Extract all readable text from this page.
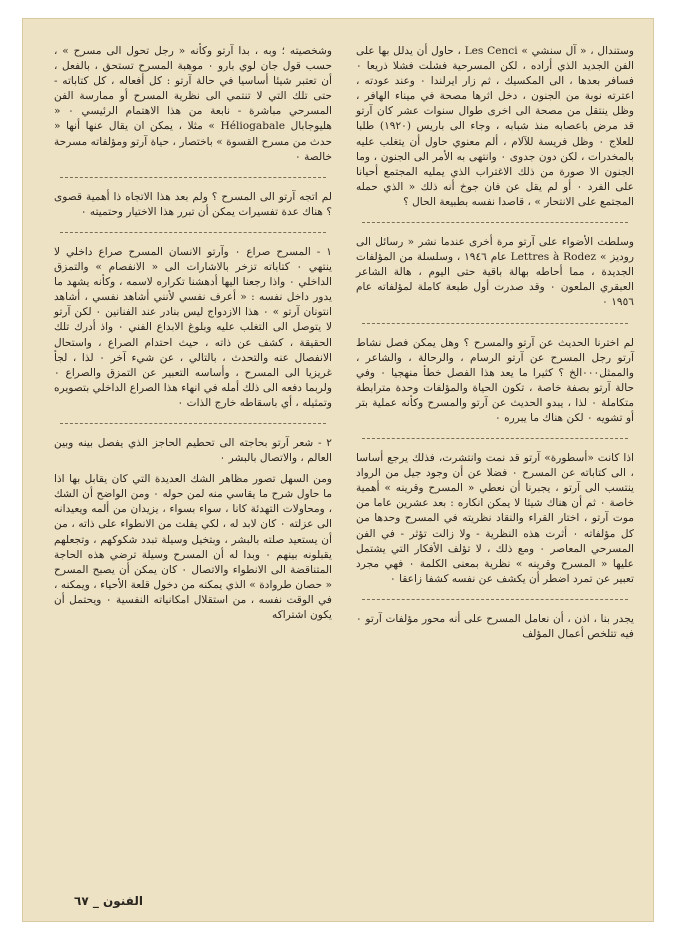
وستندال ، « آل سنشي » Les Cenci ، حاول أن يدلل بها على الفن الجديد الذي أراده ، لكن المسرحية فشلت فشلا ذريعا ٠ فسافر بعدها ، الى المكسيك ، ثم زار ايرلندا ٠ وعند عودته ، اعترته نوبة من الجنون ، دخل اثرها مصحة في ميناء الهافر ، وظل ينتقل من مصحة الى اخرى طوال سنوات عشر كان آرتو قد مرض باعصابه منذ شبابه ، وجاء الى باريس (١٩٢٠) طلبا للعلاج ٠ وظل فريسة للآلام ، ألم معنوي حاول أن يتغلب عليه بالمخدرات ، لكن دون جدوى ٠ وانتهى به الأمر الى الجنون ، وما الجنون الا صورة من ذلك الاغتراب الذي يمليه المجتمع أحيانا على الفرد ٠ أو لم يقل عن فان جوخ أنه ذلك « الذي حمله المجتمع على الانتحار » ، قاصدا نفسه بطبيعة الحال ؟

وسلطت الأضواء على آرتو مرة أخرى عندما نشر « رسائل الى روديز » Lettres à Rodez عام ١٩٤٦ ، وسلسلة من المؤلفات الجديدة ، مما أحاطه بهالة باقية حتى اليوم ، هالة الشاعر العبقري الملعون ٠ وقد صدرت أول طبعة كاملة لمؤلفاته عام ١٩٥٦ ٠

لم اخترنا الحديث عن آرتو والمسرح ؟ وهل يمكن فصل نشاط آرتو رجل المسرح عن آرتو الرسام ، والرحالة ، والشاعر ، والممثل٠٠٠الخ ؟ كثيرا ما يعد هذا الفصل خطأ منهجيا ٠ وفي حالة آرتو بصفة خاصة ، تكون الحياة والمؤلفات وحدة مترابطة متكاملة ٠ لذا ، يبدو الحديث عن آرتو والمسرح وكأنه عملية بتر أو تشويه ٠ لكن هناك ما يبرره ٠

اذا كانت «أسطورة» آرتو قد نمت وانتشرت، فذلك يرجع أساسا ، الى كتاباته عن المسرح ٠ فضلا عن أن وجود جيل من الرواد ينتسب الى آرتو ، يجبرنا أن نعطي « المسرح وقرينه » أهمية خاصة ٠ ثم أن هناك شيئا لا يمكن انكاره : بعد عشرين عاما من موت آرتو ، اختار القراء والنقاد نظريته في المسرح وحدها من كل مؤلفاته ٠ أثرت هذه النظرية - ولا زالت تؤثر - في الفن المسرحي المعاصر ٠ ومع ذلك ، لا تؤلف الأفكار التي يشتمل عليها « المسرح وقرينه » نظرية بمعنى الكلمة ٠ فهي مجرد تعبير عن تمرد اضطر أن يكشف عن نفسه كشفا زاعقا ٠

يجدر بنا ، اذن ، أن نعامل المسرح على أنه محور مؤلفات آرتو ٠ فيه تتلخص أعمال المؤلف

وشخصيته ؛ وبه ، بدا آرتو وكأنه « رجل تحول الى مسرح » ، حسب قول جان لوي بارو ٠ موهبة المسرح تستحق ، بالفعل ، أن تعتبر شيئا أساسيا في حالة آرتو : كل أفعاله ، كل كتاباته - حتى تلك التي لا تنتمي الى نظرية المسرح أو ممارسة الفن المسرحي مباشرة - نابعة من هذا الاهتمام الرئيسي ٠ « هليوجابال Héliogabale » مثلا ، يمكن ان يقال عنها أنها « حدث من مسرح القسوة » باختصار ، حياة آرتو ومؤلفاته مسرحة خالصة ٠

لم اتجه آرتو الى المسرح ؟ ولم بعد هذا الاتجاه ذا أهمية قصوى ؟ هناك عدة تفسيرات يمكن أن تبرر هذا الاختيار وحتميته ٠

١ - المسرح صراع ٠ وآرتو الانسان المسرح صراع داخلي لا ينتهي ٠ كتاباته تزخر بالاشارات الى « الانفصام » والتمزق الداخلي ٠ واذا رجعنا اليها أدهشنا تكراره لاسمه ، وكأنه يشهد ما يدور داخل نفسه : « أعرف نفسي لأنني أشاهد نفسي ، أشاهد انتونان آرتو » ٠ هذا الازدواج ليس بنادر عند الفنانين ٠ لكن آرتو لا يتوصل الى التغلب عليه وبلوغ الابداع الفني ٠ واذ أدرك تلك الحقيقة ، كشف عن ذاته ، حيث احتدام الصراع ، واستحال الانفصال عنه والتحدث ، بالتالي ، عن شيء آخر ٠ لذا ، لجأ غريزيا الى المسرح ، وأساسه التعبير عن التمزق والصراع ٠ ولربما دفعه الى ذلك أمله في انهاء هذا الصراع الداخلي بتصويره وتمثيله ، أي باسقاطه خارج الذات ٠

٢ - شعر آرتو بحاجته الى تحطيم الحاجز الذي يفصل بينه وبين العالم ، والاتصال بالبشر ٠

ومن السهل تصور مظاهر الشك العديدة التي كان يقابل بها اذا ما حاول شرح ما يقاسي منه لمن حوله ٠ ومن الواضح أن الشك ، ومحاولات التهدئة كانا ، سواء بسواء ، يزيدان من ألمه ويعيدانه الى عزلته ٠ كان لابد له ، لكي يفلت من الانطواء على ذاته ، من أن يستعيد صلته بالبشر ، وبتخيل وسيلة تبدد شكوكهم ، وتجعلهم يقبلونه بينهم ٠ وبدا له أن المسرح وسيلة ترضي هذه الحاجة المتناقضة الى الانطواء والاتصال ٠ كان يمكن أن يصبح المسرح « حصان طروادة » الذي يمكنه من دخول قلعة الأحياء ، ويمكنه ، في الوقت نفسه ، من استقلال امكانياته النفسية ٠ ويحتمل أن يكون اشتراكه

الفنون _ ٦٧
